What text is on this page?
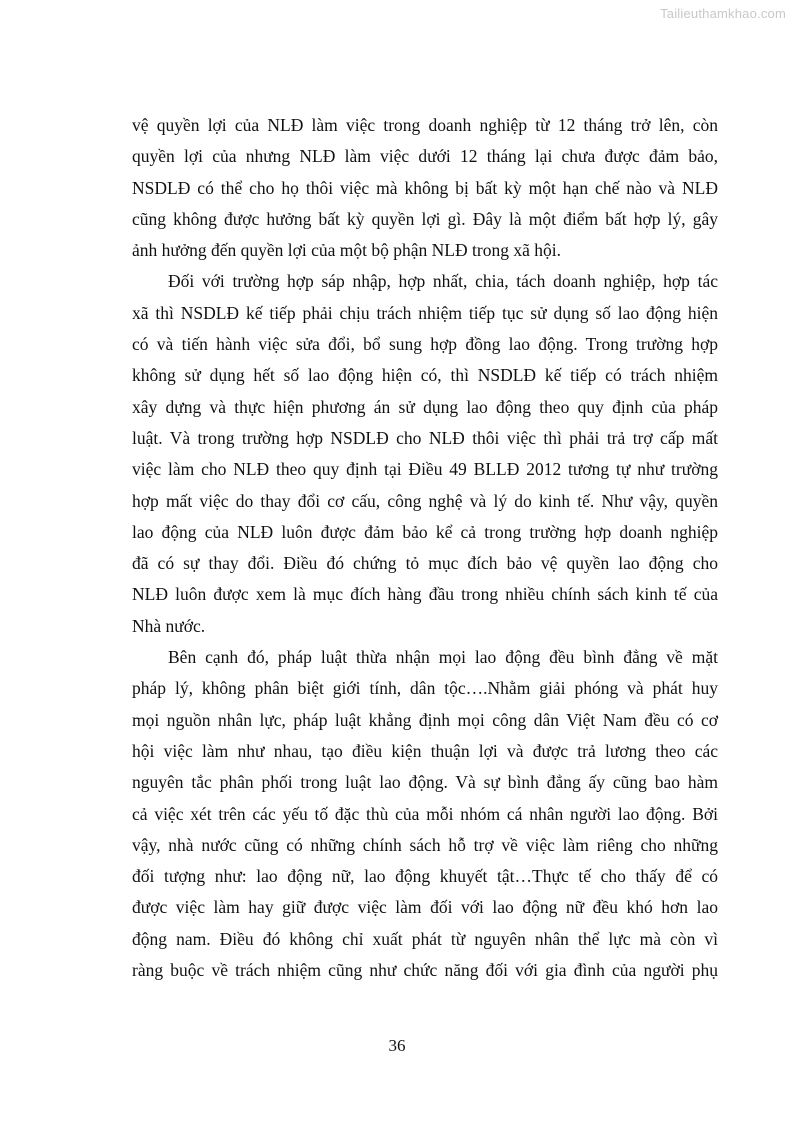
Tailieuthamkhao.com
vệ quyền lợi của NLĐ làm việc trong doanh nghiệp từ 12 tháng trở lên, còn
quyền lợi của nhưng NLĐ làm việc dưới 12 tháng lại chưa được đảm bảo,
NSDLĐ có thể cho họ thôi việc mà không bị bất kỳ một hạn chế nào và NLĐ
cũng không được hưởng bất kỳ quyền lợi gì. Đây là một điểm bất hợp lý, gây
ảnh hưởng đến quyền lợi của một bộ phận NLĐ trong xã hội.
Đối với trường hợp sáp nhập, hợp nhất, chia, tách doanh nghiệp, hợp tác
xã thì NSDLĐ kế tiếp phải chịu trách nhiệm tiếp tục sử dụng số lao động hiện
có và tiến hành việc sửa đổi, bổ sung hợp đồng lao động. Trong trường hợp
không sử dụng hết số lao động hiện có, thì NSDLĐ kế tiếp có trách nhiệm
xây dựng và thực hiện phương án sử dụng lao động theo quy định của pháp
luật. Và trong trường hợp NSDLĐ cho NLĐ thôi việc thì phải trả trợ cấp mất
việc làm cho NLĐ theo quy định tại Điều 49 BLLĐ 2012 tương tự như trường
hợp mất việc do thay đổi cơ cấu, công nghệ và lý do kinh tế. Như vậy, quyền
lao động của NLĐ luôn được đảm bảo kể cả trong trường hợp doanh nghiệp
đã có sự thay đổi. Điều đó chứng tỏ mục đích bảo vệ quyền lao động cho
NLĐ luôn được xem là mục đích hàng đầu trong nhiều chính sách kinh tế của
Nhà nước.
Bên cạnh đó, pháp luật thừa nhận mọi lao động đều bình đẳng về mặt
pháp lý, không phân biệt giới tính, dân tộc….Nhằm giải phóng và phát huy
mọi nguồn nhân lực, pháp luật khẳng định mọi công dân Việt Nam đều có cơ
hội việc làm như nhau, tạo điều kiện thuận lợi và được trả lương theo các
nguyên tắc phân phối trong luật lao động. Và sự bình đẳng ấy cũng bao hàm
cả việc xét trên các yếu tố đặc thù của mỗi nhóm cá nhân người lao động. Bởi
vậy, nhà nước cũng có những chính sách hỗ trợ về việc làm riêng cho những
đối tượng như: lao động nữ, lao động khuyết tật…Thực tế cho thấy để có
được việc làm hay giữ được việc làm đối với lao động nữ đều khó hơn lao
động nam. Điều đó không chỉ xuất phát từ nguyên nhân thể lực mà còn vì
ràng buộc về trách nhiệm cũng như chức năng đối với gia đình của người phụ
36
